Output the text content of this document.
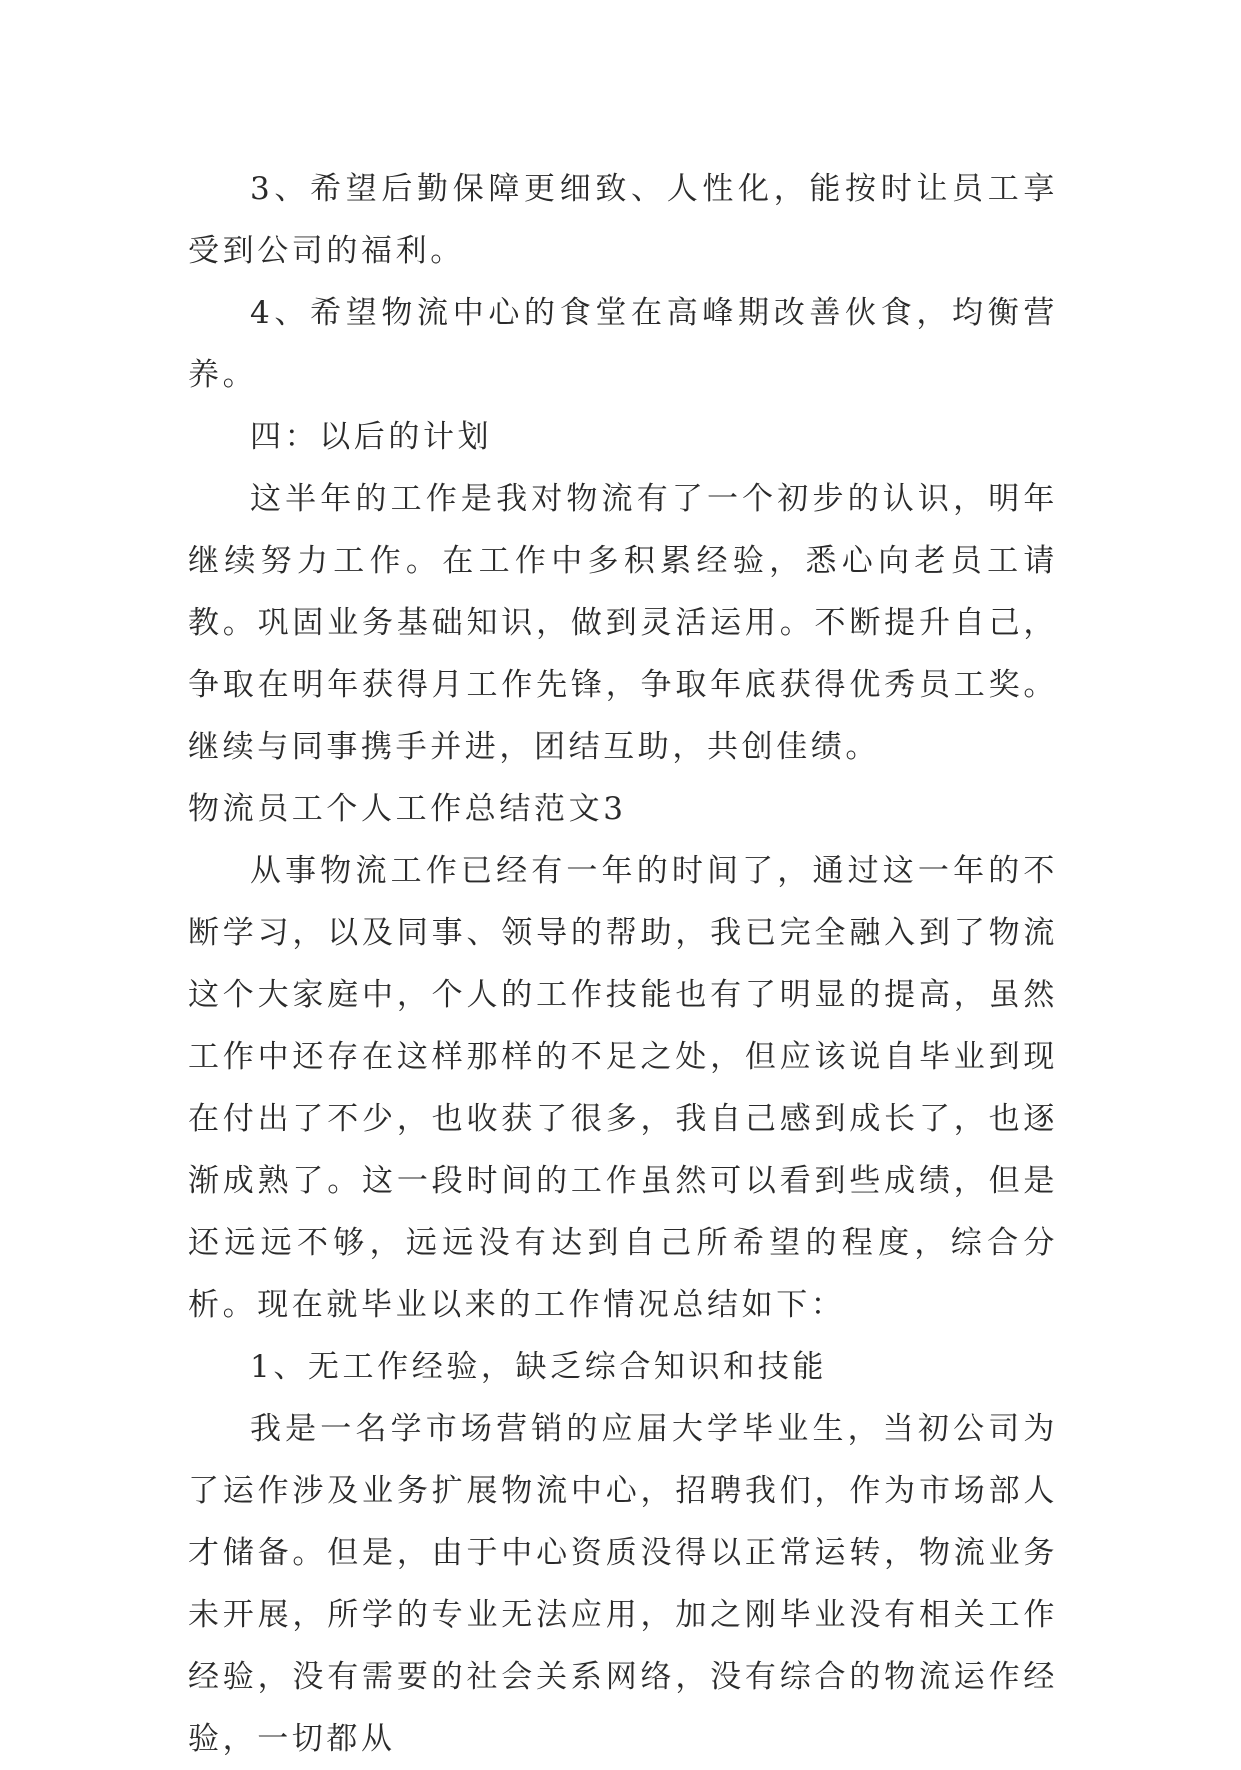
3、希望后勤保障更细致、人性化，能按时让员工享受到公司的福利。

4、希望物流中心的食堂在高峰期改善伙食，均衡营养。

四：以后的计划

这半年的工作是我对物流有了一个初步的认识，明年继续努力工作。在工作中多积累经验，悉心向老员工请教。巩固业务基础知识，做到灵活运用。不断提升自己，争取在明年获得月工作先锋，争取年底获得优秀员工奖。继续与同事携手并进，团结互助，共创佳绩。

物流员工个人工作总结范文3

从事物流工作已经有一年的时间了，通过这一年的不断学习，以及同事、领导的帮助，我已完全融入到了物流这个大家庭中，个人的工作技能也有了明显的提高，虽然工作中还存在这样那样的不足之处，但应该说自毕业到现在付出了不少，也收获了很多，我自己感到成长了，也逐渐成熟了。这一段时间的工作虽然可以看到些成绩，但是还远远不够，远远没有达到自己所希望的程度，综合分析。现在就毕业以来的工作情况总结如下：

1、无工作经验，缺乏综合知识和技能

我是一名学市场营销的应届大学毕业生，当初公司为了运作涉及业务扩展物流中心，招聘我们，作为市场部人才储备。但是，由于中心资质没得以正常运转，物流业务未开展，所学的专业无法应用，加之刚毕业没有相关工作经验，没有需要的社会关系网络，没有综合的物流运作经验，一切都从
